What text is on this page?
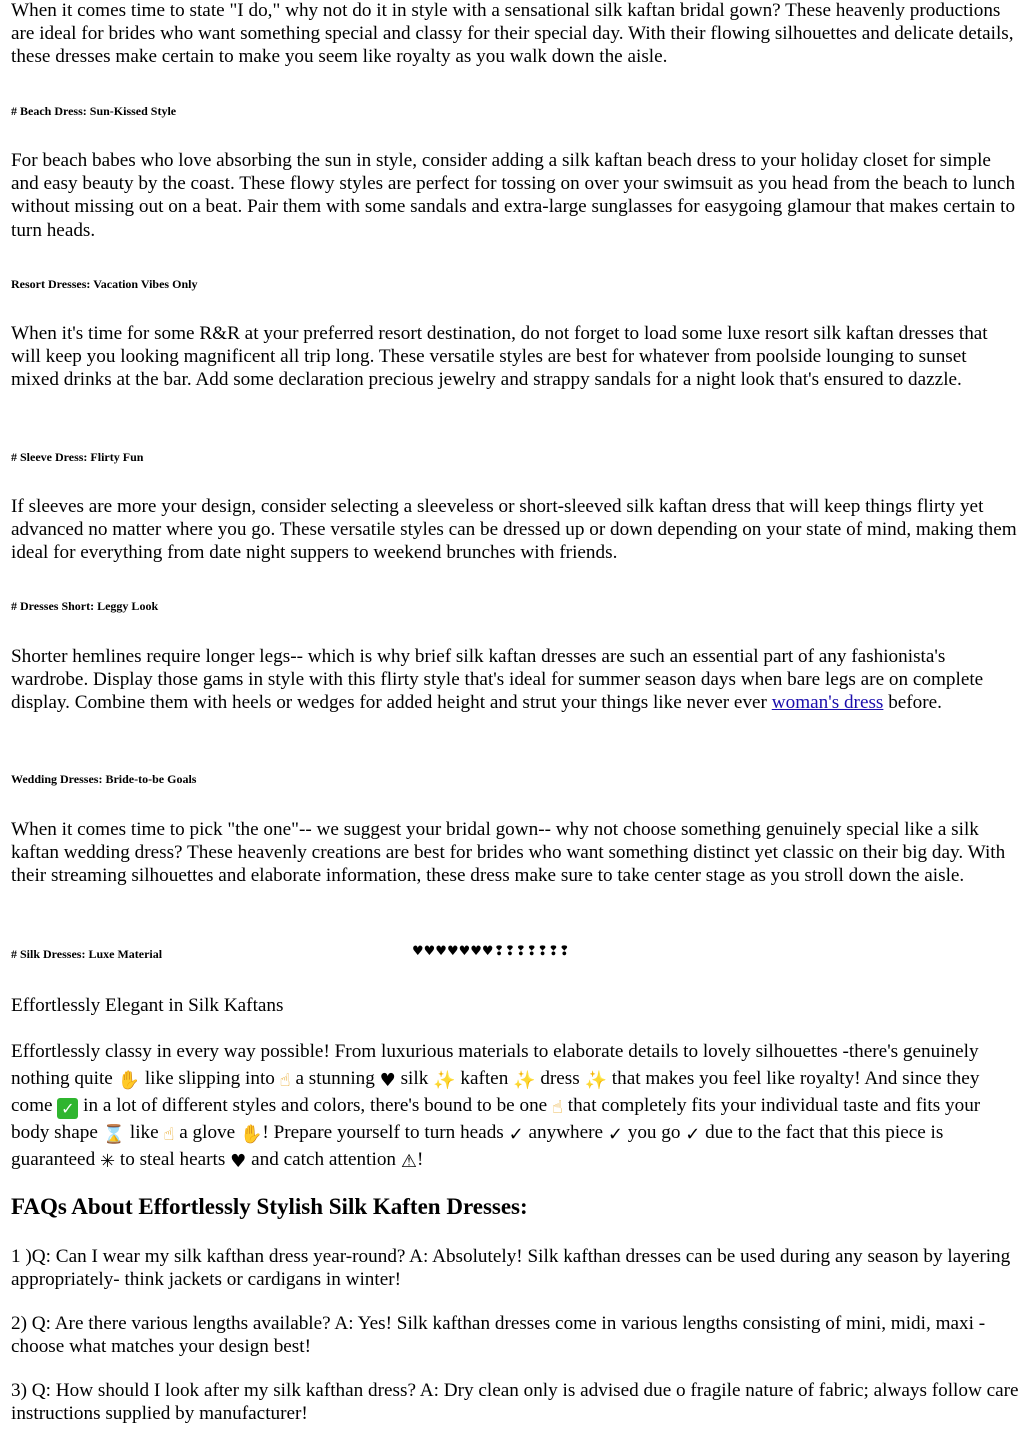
When it comes time to state "I do," why not do it in style with a sensational silk kaftan bridal gown? These heavenly productions are ideal for brides who want something special and classy for their special day. With their flowing silhouettes and delicate details, these dresses make certain to make you seem like royalty as you walk down the aisle.

# Beach Dress: Sun-Kissed Style

For beach babes who love absorbing the sun in style, consider adding a silk kaftan beach dress to your holiday closet for simple and easy beauty by the coast. These flowy styles are perfect for tossing on over your swimsuit as you head from the beach to lunch without missing out on a beat. Pair them with some sandals and extra-large sunglasses for easygoing glamour that makes certain to turn heads.

Resort Dresses: Vacation Vibes Only

When it's time for some R&R at your preferred resort destination, do not forget to load some luxe resort silk kaftan dresses that will keep you looking magnificent all trip long. These versatile styles are best for whatever from poolside lounging to sunset mixed drinks at the bar. Add some declaration precious jewelry and strappy sandals for a night look that's ensured to dazzle.

# Sleeve Dress: Flirty Fun

If sleeves are more your design, consider selecting a sleeveless or short-sleeved silk kaftan dress that will keep things flirty yet advanced no matter where you go. These versatile styles can be dressed up or down depending on your state of mind, making them ideal for everything from date night suppers to weekend brunches with friends.

# Dresses Short: Leggy Look

Shorter hemlines require longer legs-- which is why brief silk kaftan dresses are such an essential part of any fashionista's wardrobe. Display those gams in style with this flirty style that's ideal for summer season days when bare legs are on complete display. Combine them with heels or wedges for added height and strut your things like never ever woman's dress before.

Wedding Dresses: Bride-to-be Goals

When it comes time to pick "the one"-- we suggest your bridal gown-- why not choose something genuinely special like a silk kaftan wedding dress? These heavenly creations are best for brides who want something distinct yet classic on their big day. With their streaming silhouettes and elaborate information, these dress make sure to take center stage as you stroll down the aisle.

# Silk Dresses: Luxe Material	♥♥♥♥♥♥♥❢❢❢❢❢❢❢

Effortlessly Elegant in Silk Kaftans

Effortlessly classy in every way possible! From luxurious materials to elaborate details to lovely silhouettes -there's genuinely nothing quite ✋ like slipping into ☝ a stunning ♥ silk ✨ kaften ✨ dress ✨ that makes you feel like royalty! And since they come ✓ in a lot of different styles and colors, there's bound to be one ☝ that completely fits your individual taste and fits your body shape ⌛ like ☝ a glove ✋! Prepare yourself to turn heads ✓ anywhere ✓ you go ✓ due to the fact that this piece is guaranteed ✳ to steal hearts ♥ and catch attention ⚠!

FAQs About Effortlessly Stylish Silk Kaften Dresses:

1 )Q: Can I wear my silk kafthan dress year-round? A: Absolutely! Silk kafthan dresses can be used during any season by layering appropriately- think jackets or cardigans in winter!

2) Q: Are there various lengths available? A: Yes! Silk kafthan dresses come in various lengths consisting of mini, midi, maxi - choose what matches your design best!

3) Q: How should I look after my silk kafthan dress? A: Dry clean only is advised due o fragile nature of fabric; always follow care instructions supplied by manufacturer!
